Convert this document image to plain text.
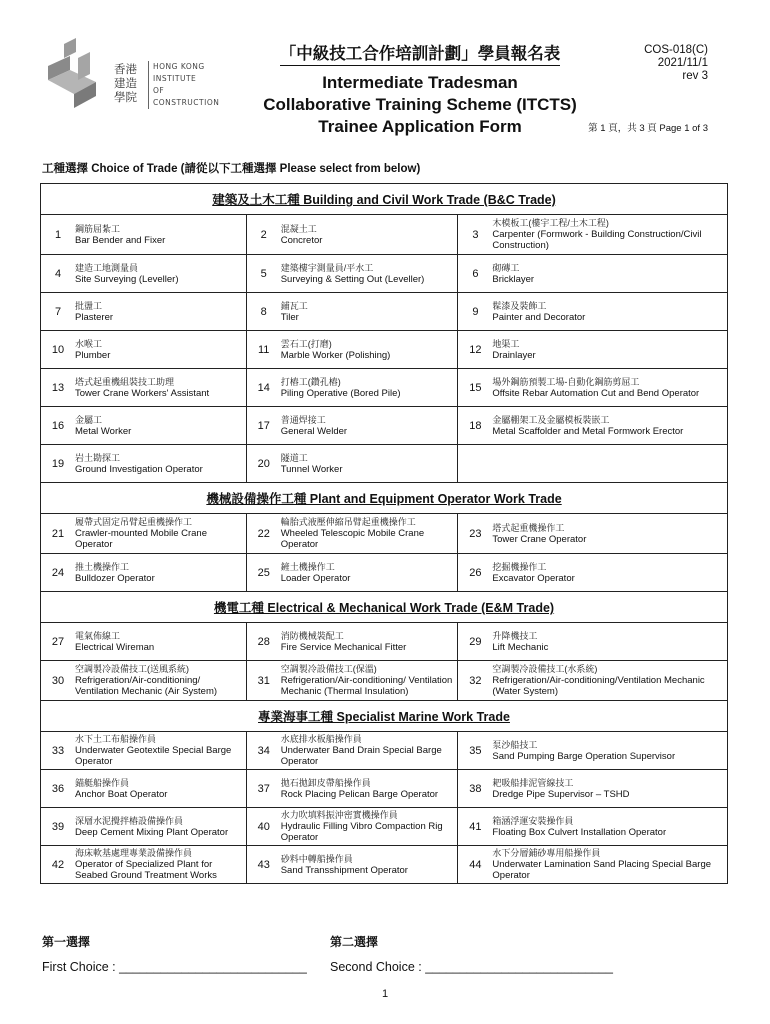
香港
建造
學院
HONG KONG
INSTITUTE
OF
CONSTRUCTION
「中級技工合作培訓計劃」學員報名表
Intermediate Tradesman
Collaborative Training Scheme (ITCTS)
Trainee Application Form
COS-018(C)
2021/11/1
rev 3
第 1 頁，共 3 頁 Page 1 of 3
工種選擇 Choice of Trade (請從以下工種選擇 Please select from below)
建築及土木工種 Building and Civil Work Trade (B&C Trade)		

1 鋼筋屈紮工
Bar Bender and Fixer	2 混凝土工
Concretor	3
木模板工(樓宇工程/土木工程)
Carpenter (Formwork - Building Construction/Civil Construction)

4 建造工地測量員
Site Surveying (Leveller)	5 建築樓宇測量員/平水工
Surveying & Setting Out (Leveller)	6 砌磚工
Bricklayer

7 批盪工
Plasterer	8 鋪瓦工
Tiler	9 髹漆及裝飾工
Painter and Decorator

10 水喉工
Plumber	11 雲石工(打磨)
Marble Worker (Polishing)	12 地渠工
Drainlayer

13 塔式起重機組裝技工助理
Tower Crane Workers' Assistant	14 打樁工(鑽孔樁)
Piling Operative (Bored Pile)	15 場外鋼筋預製工場-自動化鋼筋剪屈工
Offsite Rebar Automation Cut and Bend Operator

16 金屬工
Metal Worker	17 普通焊接工
General Welder	18 金屬棚架工及金屬模板裝嵌工
Metal Scaffolder and Metal Formwork Erector

19 岩土勘探工
Ground Investigation Operator	20 隧道工
Tunnel Worker	

機械設備操作工種 Plant and Equipment Operator Work Trade		

21
履帶式固定吊臂起重機操作工
Crawler-mounted Mobile Crane Operator	22
輪胎式液壓伸縮吊臂起重機操作工
Wheeled Telescopic Mobile Crane Operator	23 塔式起重機操作工
Tower Crane Operator

24 推土機操作工
Bulldozer Operator	25 鏟土機操作工
Loader Operator	26 挖掘機操作工
Excavator Operator

機電工種 Electrical & Mechanical Work Trade (E&M Trade)		

27 電氣佈線工
Electrical Wireman	28 消防機械裝配工
Fire Service Mechanical Fitter	29 升降機技工
Lift Mechanic

30
空調製冷設備技工(送風系統)
Refrigeration/Air-conditioning/ Ventilation Mechanic (Air System)	31
空調製冷設備技工(保溫)
Refrigeration/Air-conditioning/ Ventilation Mechanic (Thermal Insulation)	32
空調製冷設備技工(水系統)
Refrigeration/Air-conditioning/Ventilation Mechanic (Water System)

專業海事工種 Specialist Marine Work Trade		

33
水下土工布船操作員
Underwater Geotextile Special Barge Operator	34
水底排水板船操作員
Underwater Band Drain Special Barge Operator	35 泵沙船技工
Sand Pumping Barge Operation Supervisor

36 錨艇船操作員
Anchor Boat Operator	37 拋石拋卸皮帶船操作員
Rock Placing Pelican Barge Operator	38 耙吸船排泥管線技工
Dredge Pipe Supervisor – TSHD

39 深層水泥攪拌樁設備操作員
Deep Cement Mixing Plant Operator	40
水力吹填料振沖密實機操作員
Hydraulic Filling Vibro Compaction Rig Operator	41 箱涵浮運安裝操作員
Floating Box Culvert Installation Operator

42
海床軟基處理專業設備操作員
Operator of Specialized Plant for Seabed Ground Treatment Works	43 砂料中轉船操作員
Sand Transshipment Operator	44
水下分層鋪砂專用船操作員
Underwater Lamination Sand Placing Special Barge Operator
第一選擇
First Choice : ___________________________
第二選擇
Second Choice : ___________________________
1
